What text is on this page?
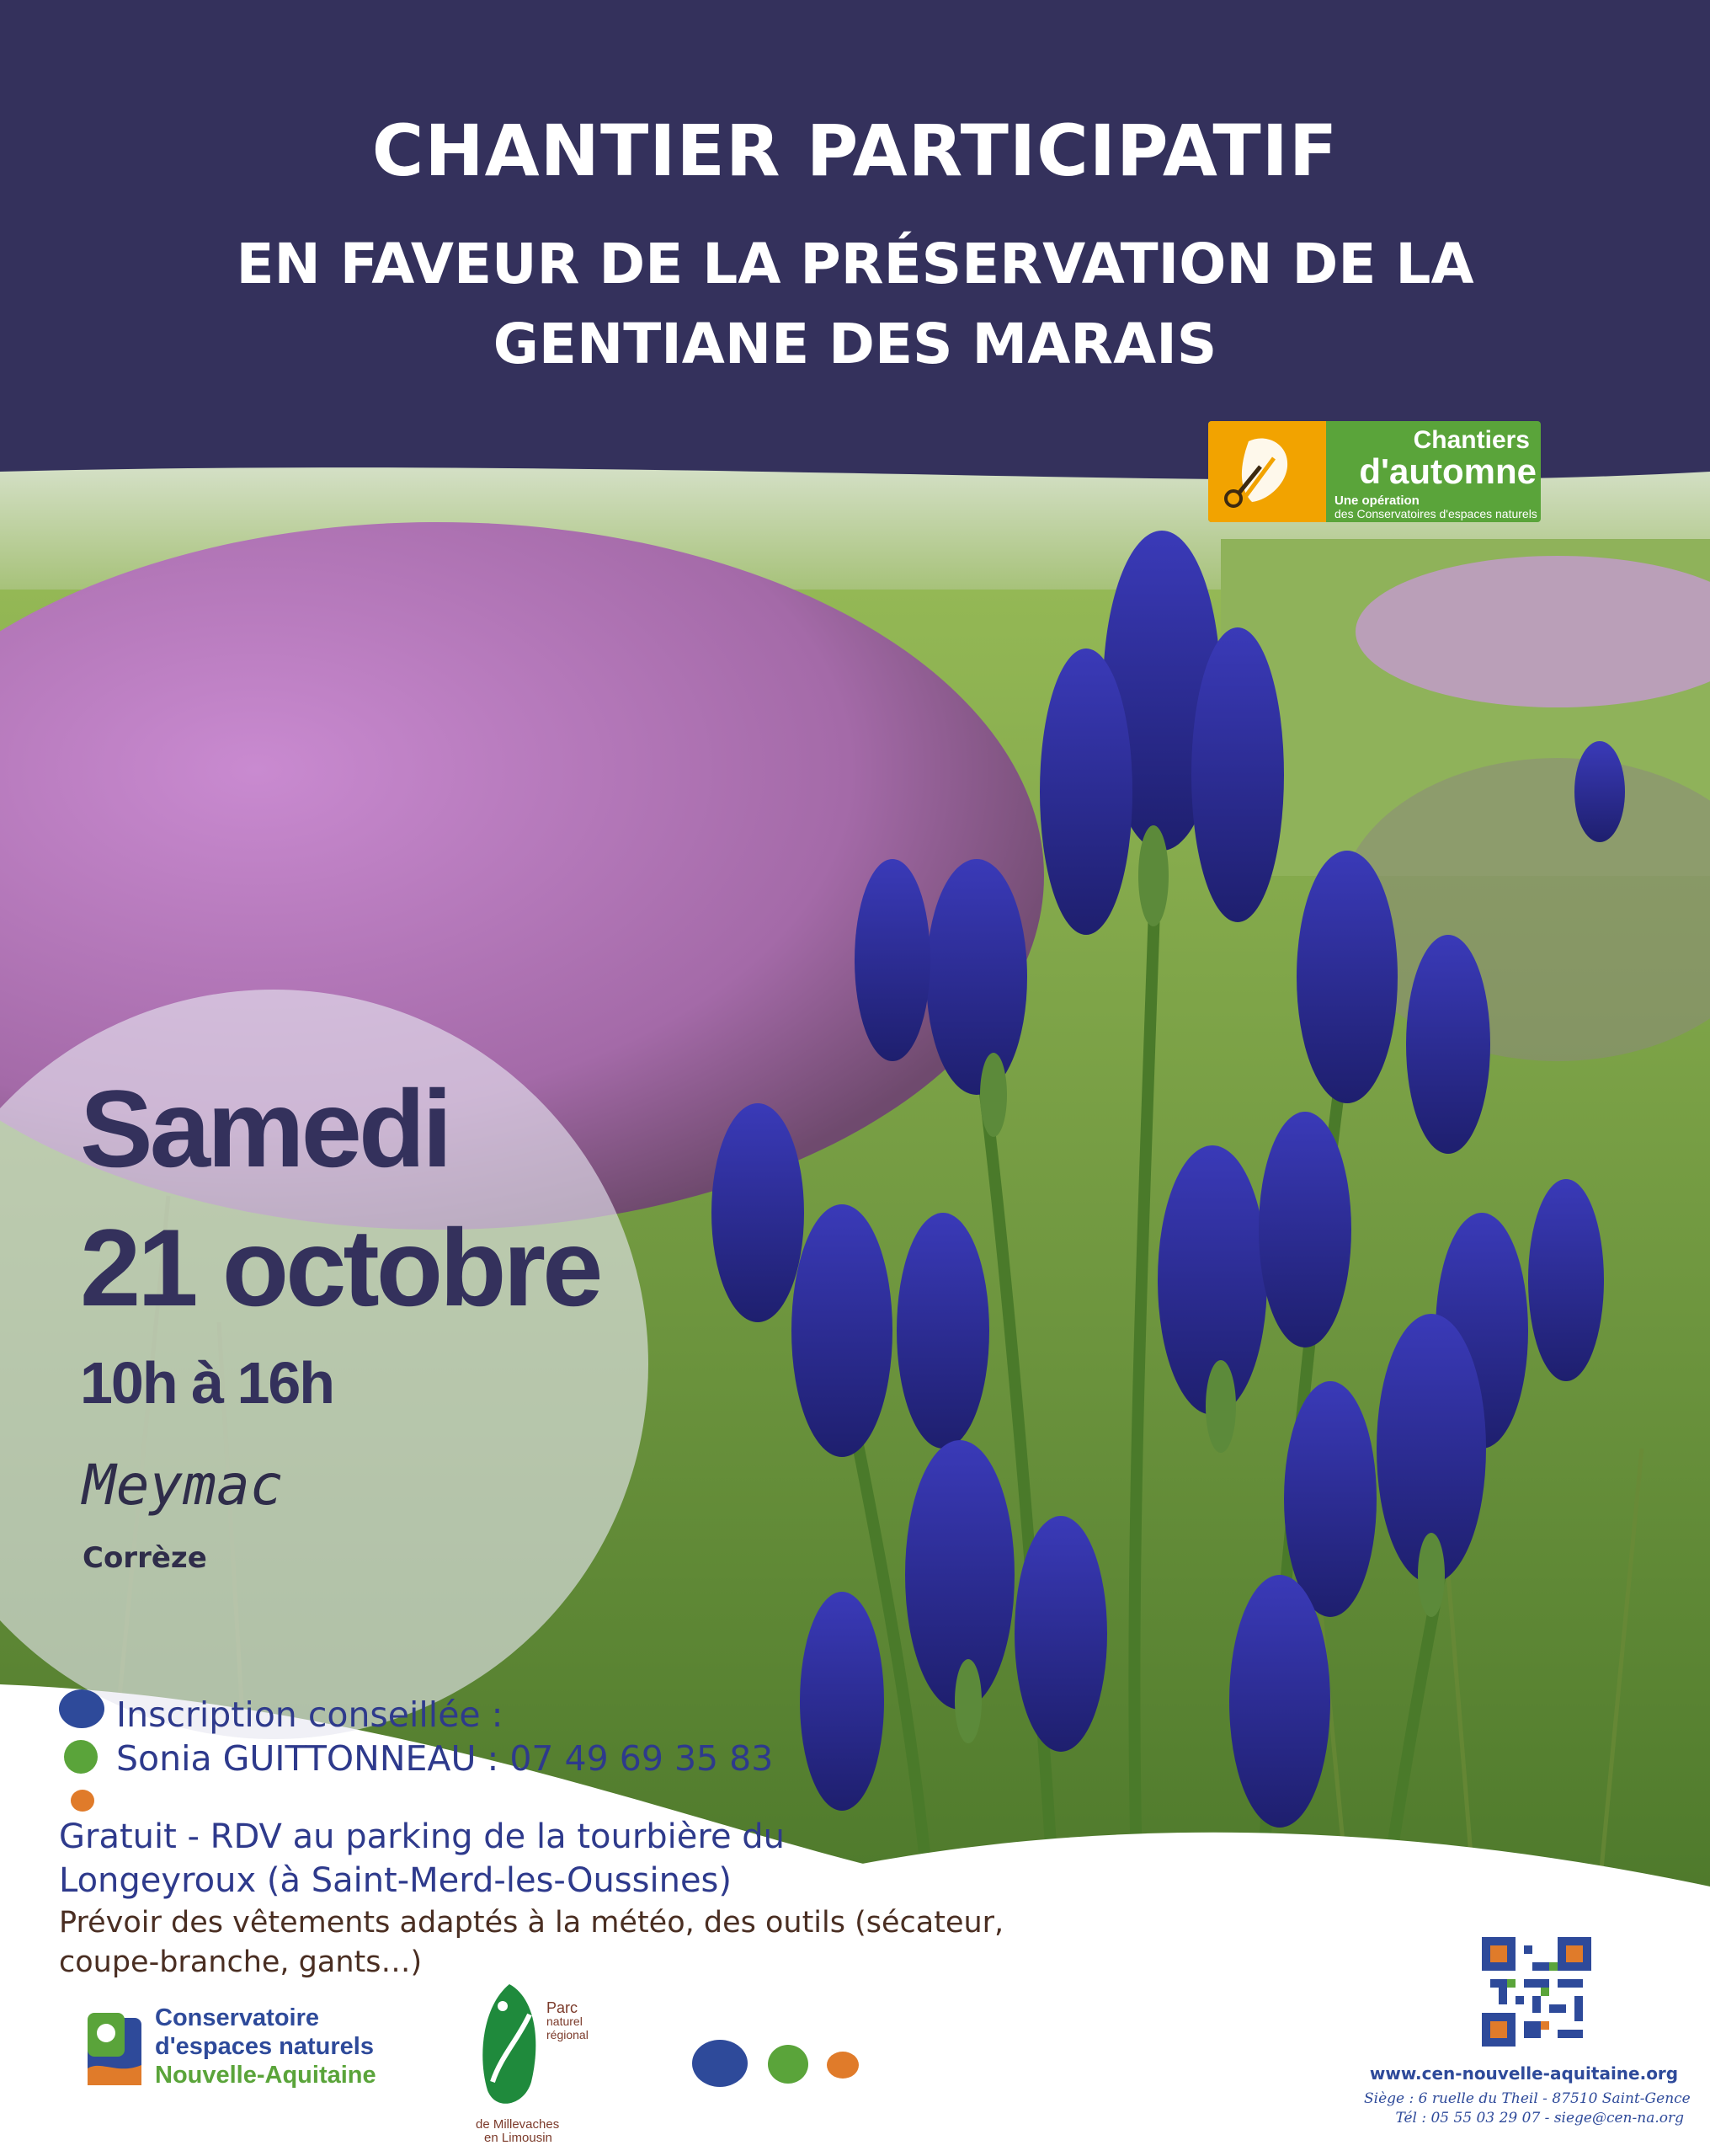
CHANTIER PARTICIPATIF
EN FAVEUR DE LA PRÉSERVATION DE LA
GENTIANE DES MARAIS
Chantiers
d'automne
Une opération
des Conservatoires d'espaces naturels
Samedi
21 octobre
10h à 16h
Meymac
Corrèze
Inscription conseillée :
Sonia GUITTONNEAU : 07 49 69 35 83
Gratuit - RDV au parking de la tourbière du
Longeyroux (à Saint-Merd-les-Oussines)
Prévoir des vêtements adaptés à la météo, des outils (sécateur,
coupe-branche, gants…)
Conservatoire
d'espaces naturels
Nouvelle-Aquitaine
Parc
naturel
régional
de Millevaches
en Limousin
www.cen-nouvelle-aquitaine.org
Siège : 6 ruelle du Theil - 87510 Saint-Gence
Tél : 05 55 03 29 07 - siege@cen-na.org
